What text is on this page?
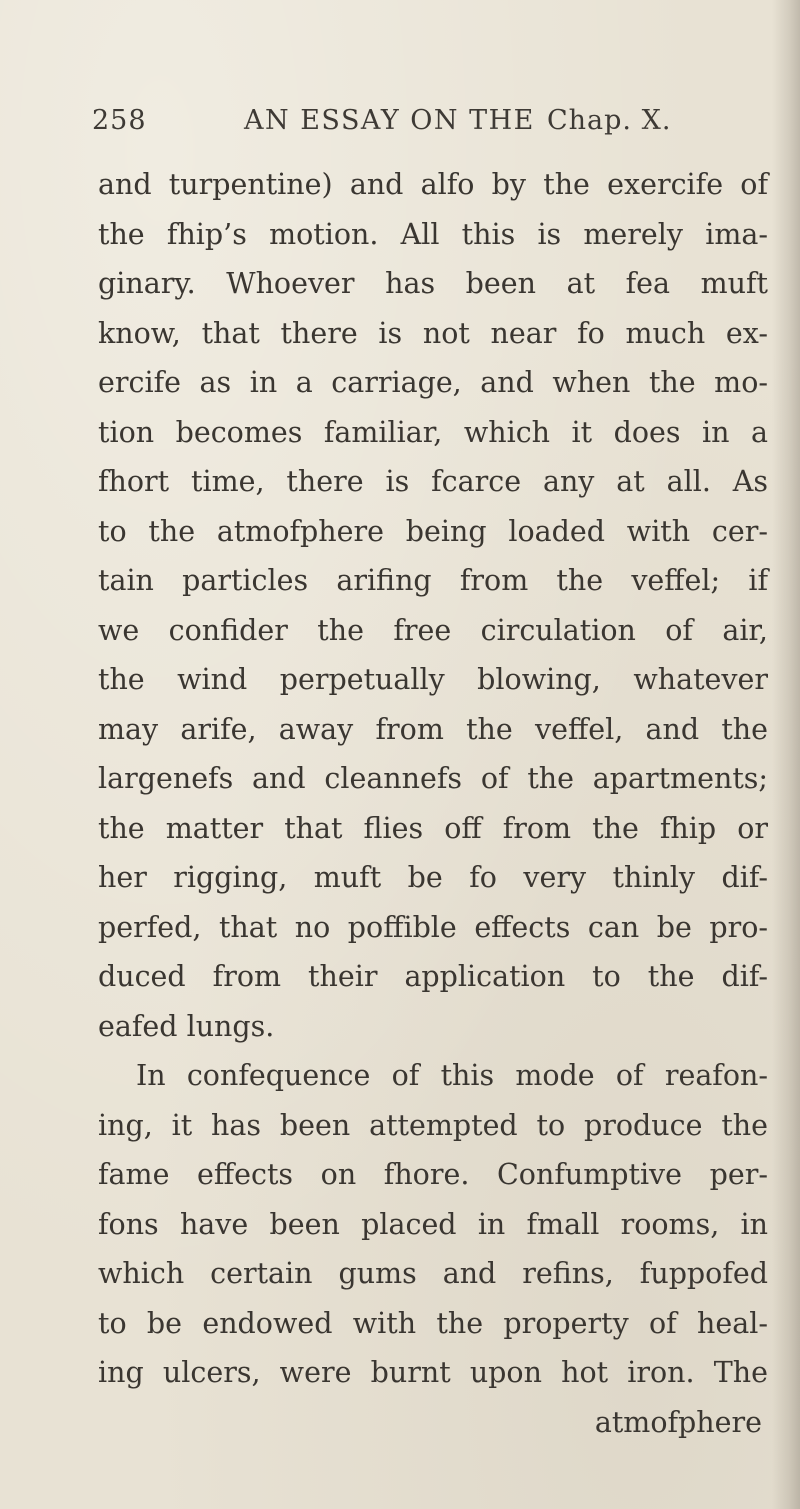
258	AN ESSAY ON THE Chap. X.
and turpentine) and alfo by the exercife of
the fhip’s motion. All this is merely ima-
ginary. Whoever has been at fea muft
know, that there is not near fo much ex-
ercife as in a carriage, and when the mo-
tion becomes familiar, which it does in a
fhort time, there is fcarce any at all. As
to the atmofphere being loaded with cer-
tain particles arifing from the veffel; if
we confider the free circulation of air,
the wind perpetually blowing, whatever
may arife, away from the veffel, and the
largenefs and cleannefs of the apartments;
the matter that flies off from the fhip or
her rigging, muft be fo very thinly dif-
perfed, that no poffible effects can be pro-
duced from their application to the dif-
eafed lungs.
In confequence of this mode of reafon-
ing, it has been attempted to produce the
fame effects on fhore. Confumptive per-
fons have been placed in fmall rooms, in
which certain gums and refins, fuppofed
to be endowed with the property of heal-
ing ulcers, were burnt upon hot iron. The
atmofphere
